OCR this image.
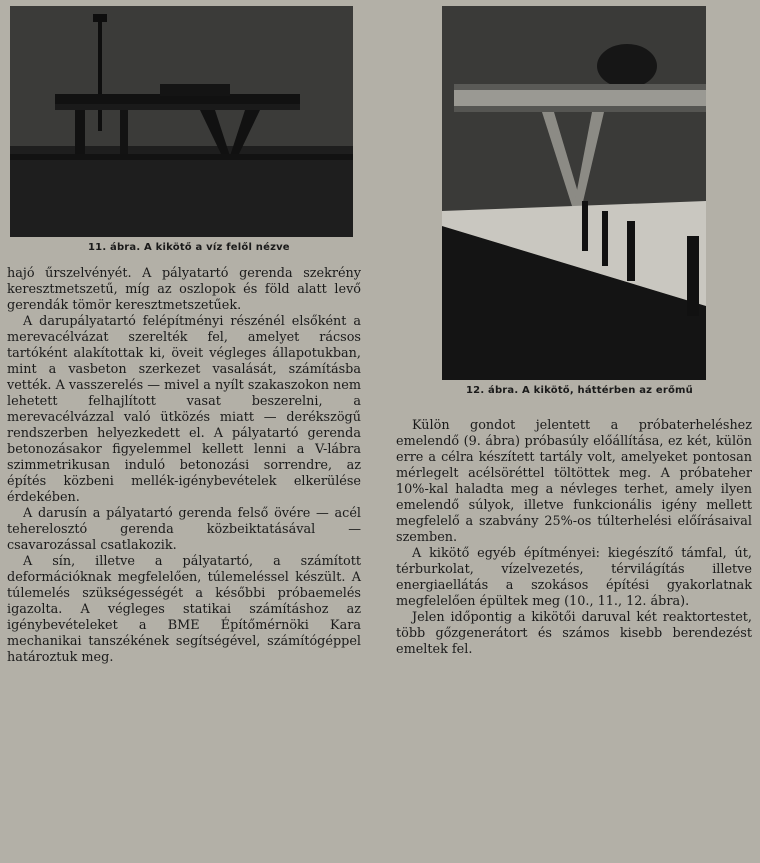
11. ábra. A kikötő a víz felől nézve
12. ábra. A kikötő, háttérben az erőmű

hajó űrszelvényét. A pályatartó gerenda szekrény keresztmetszetű, míg az oszlopok és föld alatt levő gerendák tömör keresztmetszetűek.

A darupályatartó felépítményi részénél elsőként a merevacélvázat szerelték fel, amelyet rácsos tartóként alakítottak ki, öveit végleges állapotukban, mint a vasbeton szerkezet vasalását, számításba vették. A vasszerelés — mivel a nyílt szakaszokon nem lehetett felhajlított vasat beszerelni, a merevacélvázzal való ütközés miatt — derékszögű rendszerben helyezkedett el. A pályatartó gerenda betonozásakor figyelemmel kellett lenni a V-lábra szimmetrikusan induló betonozási sorrendre, az építés közbeni mellék-igénybevételek elkerülése érdekében.

A darusín a pályatartó gerenda felső övére — acél teherelosztó gerenda közbeiktatásával — csavarozással csatlakozik.

A sín, illetve a pályatartó, a számított deformációknak megfelelően, túlemeléssel készült. A túlemelés szükségességét a későbbi próbaemelés igazolta. A végleges statikai számításhoz az igénybevételeket a BME Építőmérnöki Kara mechanikai tanszékének segítségével, számítógéppel határoztuk meg.

Külön gondot jelentett a próbaterheléshez emelendő (9. ábra) próbasúly előállítása, ez két, külön erre a célra készített tartály volt, amelyeket pontosan mérlegelt acélsöréttel töltöttek meg. A próbateher 10%-kal haladta meg a névleges terhet, amely ilyen emelendő súlyok, illetve funkcionális igény mellett megfelelő a szabvány 25%-os túlterhelési előírásaival szemben.

A kikötő egyéb építményei: kiegészítő támfal, út, térburkolat, vízelvezetés, térvilágítás illetve energiaellátás a szokásos építési gyakorlatnak megfelelően épültek meg (10., 11., 12. ábra).

Jelen időpontig a kikötői daruval két reaktortestet, több gőzgenerátort és számos kisebb berendezést emeltek fel.
